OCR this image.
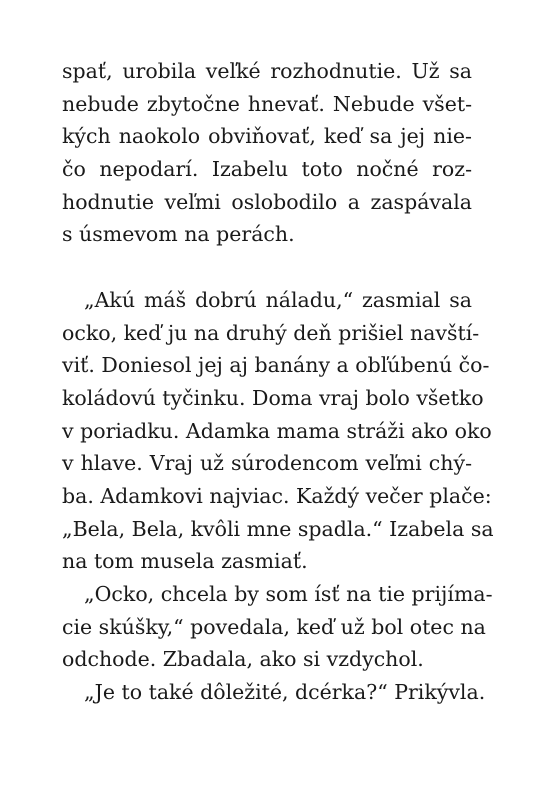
spať, urobila veľké rozhodnutie. Už sa
nebude zbytočne hnevať. Nebude všet-
kých naokolo obviňovať, keď sa jej nie-
čo nepodarí. Izabelu toto nočné roz-
hodnutie veľmi oslobodilo a zaspávala
s úsmevom na perách.
„Akú máš dobrú náladu,“ zasmial sa
ocko, keď ju na druhý deň prišiel navští-
viť. Doniesol jej aj banány a obľúbenú čo-
koládovú tyčinku. Doma vraj bolo všetko
v poriadku. Adamka mama stráži ako oko
v hlave. Vraj už súrodencom veľmi chý-
ba. Adamkovi najviac. Každý večer plače:
„Bela, Bela, kvôli mne spadla.“ Izabela sa
na tom musela zasmiať.
„Ocko, chcela by som ísť na tie prijíma-
cie skúšky,“ povedala, keď už bol otec na
odchode. Zbadala, ako si vzdychol.
„Je to také dôležité, dcérka?“ Prikývla.
